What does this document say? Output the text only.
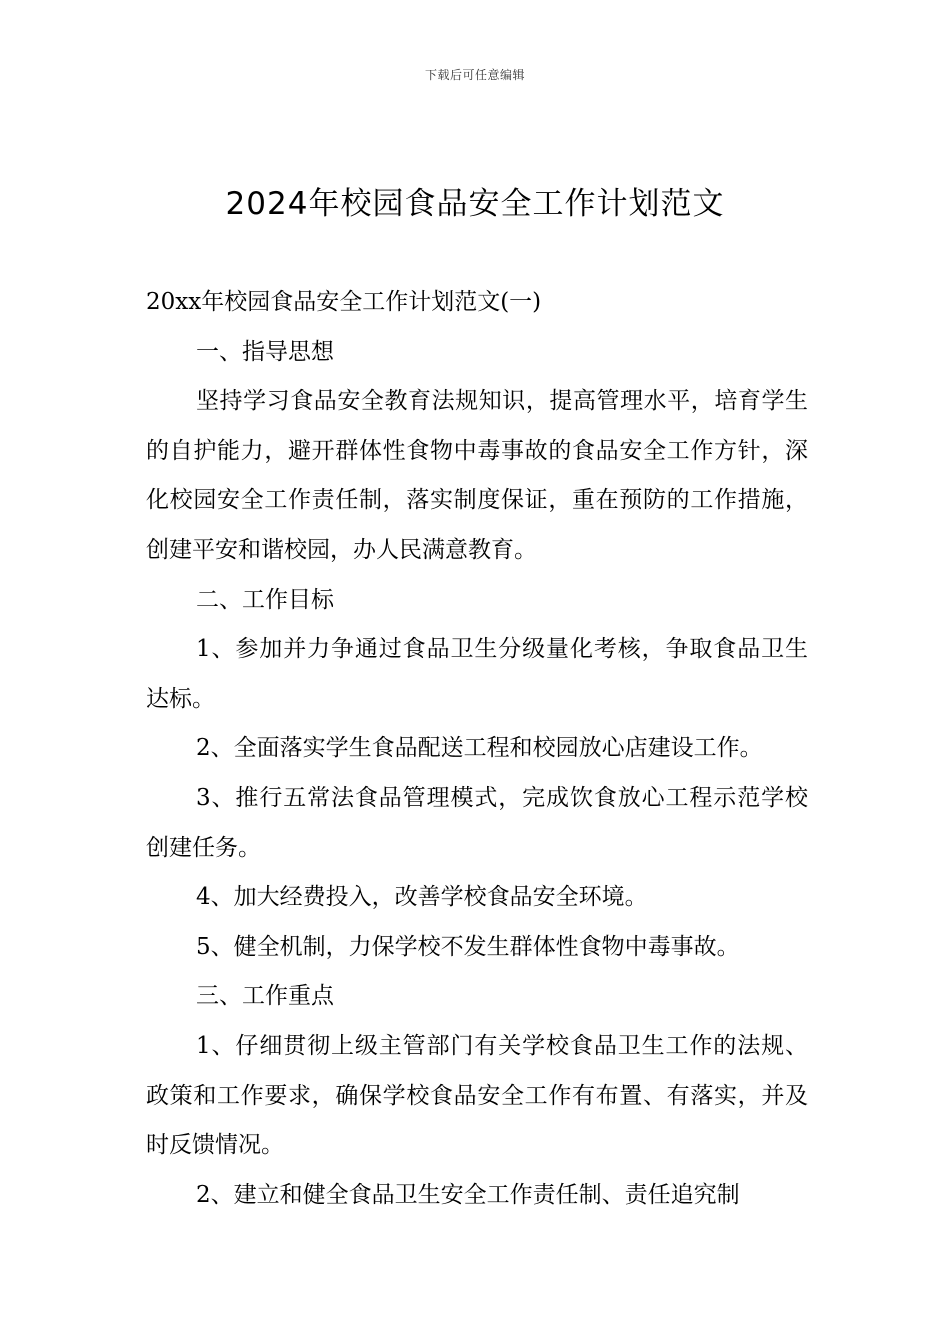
下载后可任意编辑
2024年校园食品安全工作计划范文

20xx年校园食品安全工作计划范文(一)

一、指导思想

坚持学习食品安全教育法规知识，提高管理水平，培育学生的自护能力，避开群体性食物中毒事故的食品安全工作方针，深化校园安全工作责任制，落实制度保证，重在预防的工作措施，创建平安和谐校园，办人民满意教育。

二、工作目标

1、参加并力争通过食品卫生分级量化考核，争取食品卫生达标。

2、全面落实学生食品配送工程和校园放心店建设工作。

3、推行五常法食品管理模式，完成饮食放心工程示范学校创建任务。

4、加大经费投入，改善学校食品安全环境。

5、健全机制，力保学校不发生群体性食物中毒事故。

三、工作重点

1、仔细贯彻上级主管部门有关学校食品卫生工作的法规、政策和工作要求，确保学校食品安全工作有布置、有落实，并及时反馈情况。

2、建立和健全食品卫生安全工作责任制、责任追究制
